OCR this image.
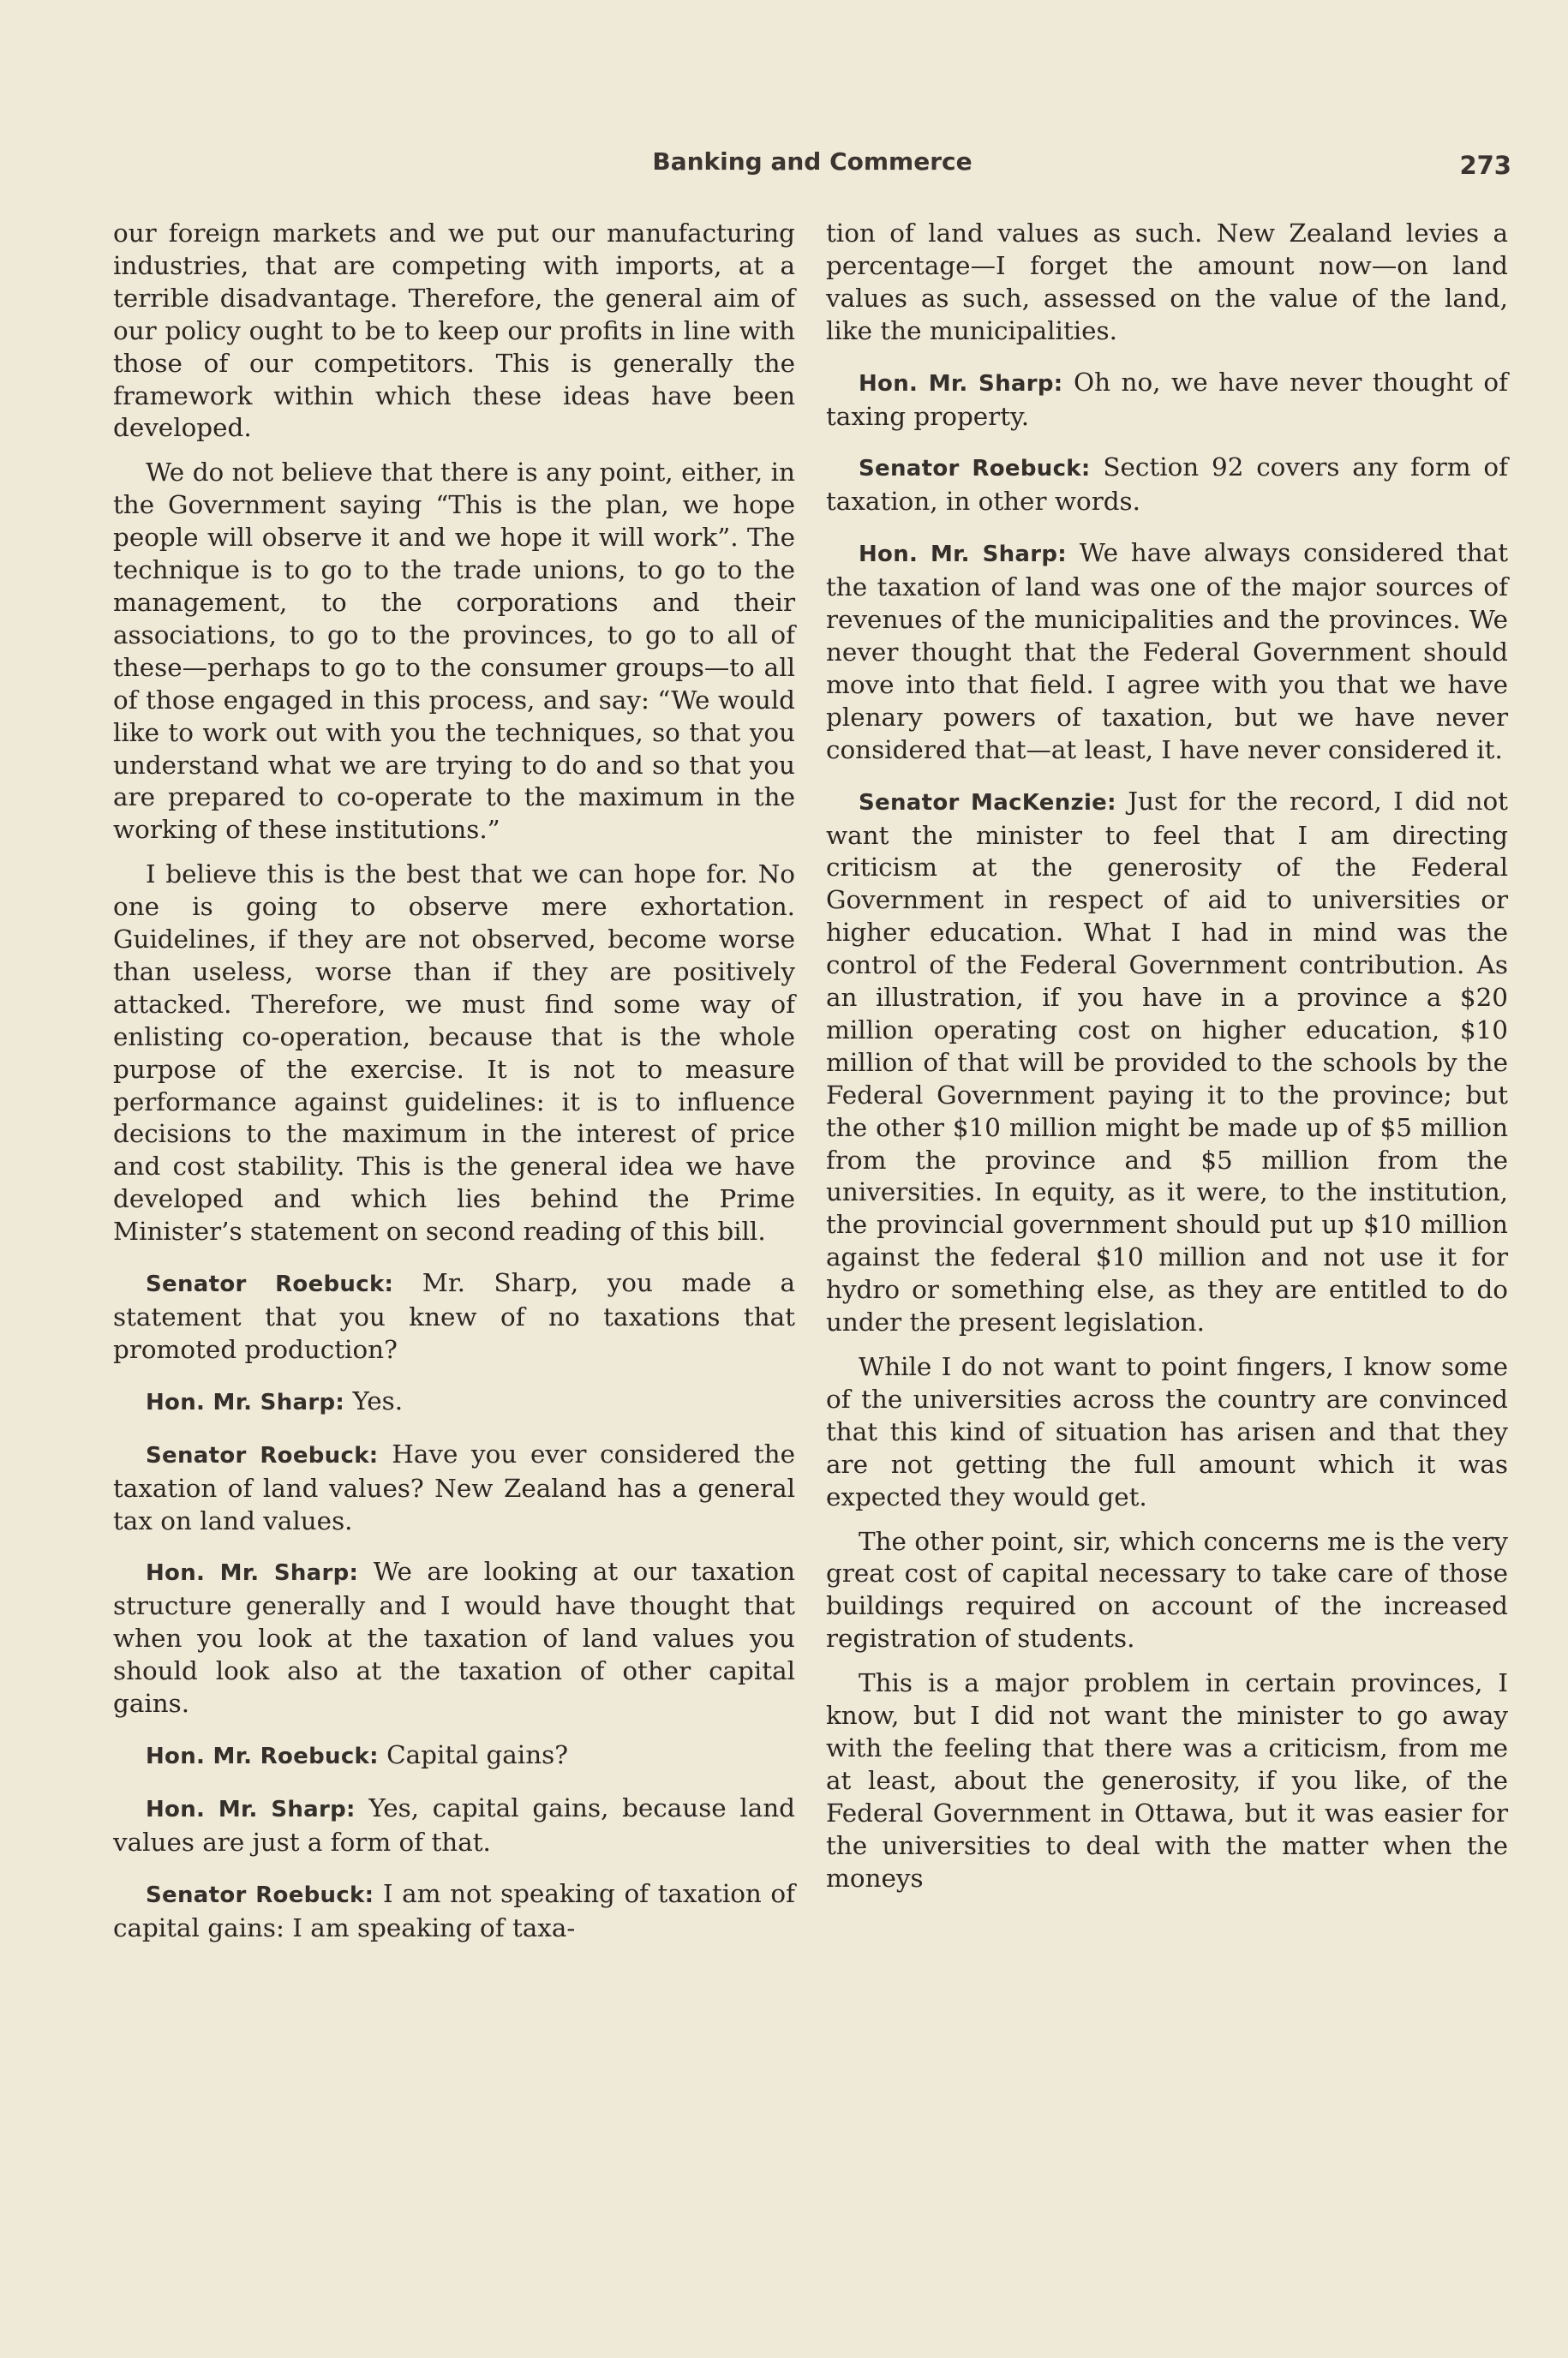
Banking and Commerce	273

our foreign markets and we put our manufacturing industries, that are competing with imports, at a terrible disadvantage. Therefore, the general aim of our policy ought to be to keep our profits in line with those of our competitors. This is generally the framework within which these ideas have been developed.

We do not believe that there is any point, either, in the Government saying “This is the plan, we hope people will observe it and we hope it will work”. The technique is to go to the trade unions, to go to the management, to the corporations and their associations, to go to the provinces, to go to all of these—perhaps to go to the consumer groups—to all of those engaged in this process, and say: “We would like to work out with you the techniques, so that you understand what we are trying to do and so that you are prepared to co-operate to the maximum in the working of these institutions.”

I believe this is the best that we can hope for. No one is going to observe mere exhortation. Guidelines, if they are not observed, become worse than useless, worse than if they are positively attacked. Therefore, we must find some way of enlisting co-operation, because that is the whole purpose of the exercise. It is not to measure performance against guidelines: it is to influence decisions to the maximum in the interest of price and cost stability. This is the general idea we have developed and which lies behind the Prime Minister’s statement on second reading of this bill.

Senator Roebuck: Mr. Sharp, you made a statement that you knew of no taxations that promoted production?

Hon. Mr. Sharp: Yes.

Senator Roebuck: Have you ever considered the taxation of land values? New Zealand has a general tax on land values.

Hon. Mr. Sharp: We are looking at our taxation structure generally and I would have thought that when you look at the taxation of land values you should look also at the taxation of other capital gains.

Hon. Mr. Roebuck: Capital gains?

Hon. Mr. Sharp: Yes, capital gains, because land values are just a form of that.

Senator Roebuck: I am not speaking of taxation of capital gains: I am speaking of taxa-

tion of land values as such. New Zealand levies a percentage—I forget the amount now—on land values as such, assessed on the value of the land, like the municipalities.

Hon. Mr. Sharp: Oh no, we have never thought of taxing property.

Senator Roebuck: Section 92 covers any form of taxation, in other words.

Hon. Mr. Sharp: We have always considered that the taxation of land was one of the major sources of revenues of the municipalities and the provinces. We never thought that the Federal Government should move into that field. I agree with you that we have plenary powers of taxation, but we have never considered that—at least, I have never considered it.

Senator MacKenzie: Just for the record, I did not want the minister to feel that I am directing criticism at the generosity of the Federal Government in respect of aid to universities or higher education. What I had in mind was the control of the Federal Government contribution. As an illustration, if you have in a province a $20 million operating cost on higher education, $10 million of that will be provided to the schools by the Federal Government paying it to the province; but the other $10 million might be made up of $5 million from the province and $5 million from the universities. In equity, as it were, to the institution, the provincial government should put up $10 million against the federal $10 million and not use it for hydro or something else, as they are entitled to do under the present legislation.

While I do not want to point fingers, I know some of the universities across the country are convinced that this kind of situation has arisen and that they are not getting the full amount which it was expected they would get.

The other point, sir, which concerns me is the very great cost of capital necessary to take care of those buildings required on account of the increased registration of students.

This is a major problem in certain provinces, I know, but I did not want the minister to go away with the feeling that there was a criticism, from me at least, about the generosity, if you like, of the Federal Government in Ottawa, but it was easier for the universities to deal with the matter when the moneys
